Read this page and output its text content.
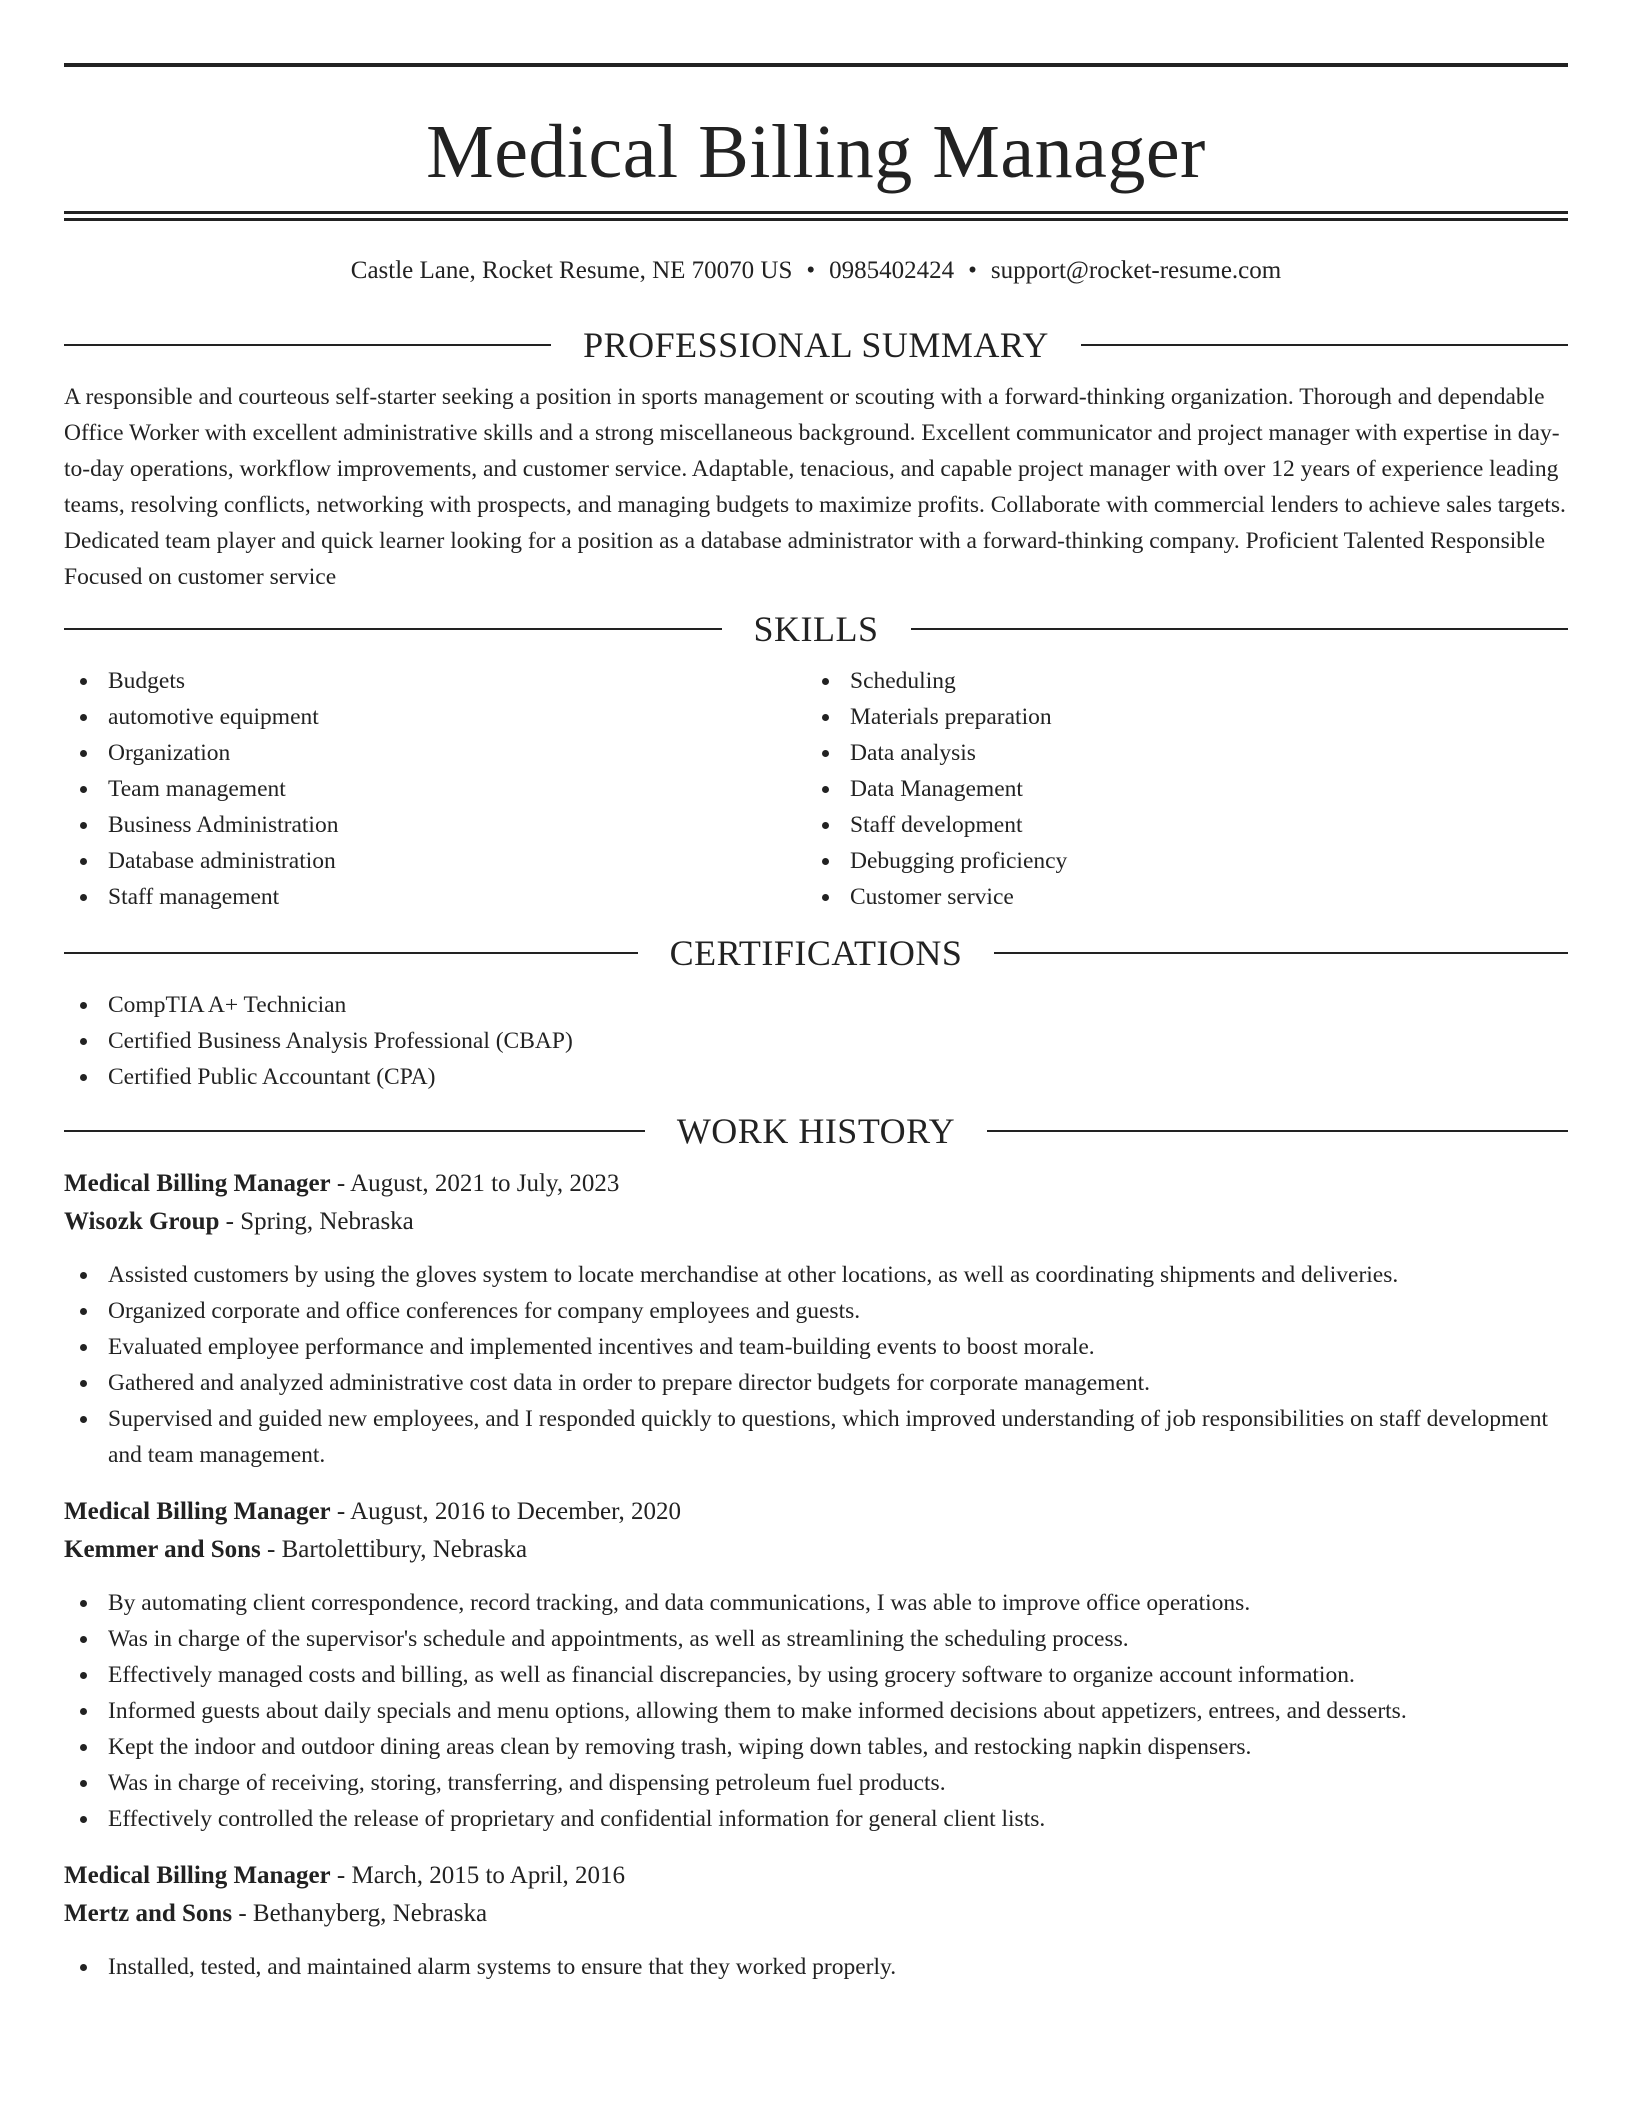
Medical Billing Manager
Castle Lane, Rocket Resume, NE 70070 US • 0985402424 • support@rocket-resume.com
PROFESSIONAL SUMMARY

A responsible and courteous self-starter seeking a position in sports management or scouting with a forward-thinking organization. Thorough and dependable Office Worker with excellent administrative skills and a strong miscellaneous background. Excellent communicator and project manager with expertise in day-to-day operations, workflow improvements, and customer service. Adaptable, tenacious, and capable project manager with over 12 years of experience leading teams, resolving conflicts, networking with prospects, and managing budgets to maximize profits. Collaborate with commercial lenders to achieve sales targets. Dedicated team player and quick learner looking for a position as a database administrator with a forward-thinking company. Proficient Talented Responsible Focused on customer service

SKILLS
Budgets
automotive equipment
Organization
Team management
Business Administration
Database administration
Staff management
Scheduling
Materials preparation
Data analysis
Data Management
Staff development
Debugging proficiency
Customer service
CERTIFICATIONS
CompTIA A+ Technician
Certified Business Analysis Professional (CBAP)
Certified Public Accountant (CPA)
WORK HISTORY
Medical Billing Manager - August, 2021 to July, 2023
Wisozk Group - Spring, Nebraska
Assisted customers by using the gloves system to locate merchandise at other locations, as well as coordinating shipments and deliveries.
Organized corporate and office conferences for company employees and guests.
Evaluated employee performance and implemented incentives and team-building events to boost morale.
Gathered and analyzed administrative cost data in order to prepare director budgets for corporate management.
Supervised and guided new employees, and I responded quickly to questions, which improved understanding of job responsibilities on staff development and team management.
Medical Billing Manager - August, 2016 to December, 2020
Kemmer and Sons - Bartolettibury, Nebraska
By automating client correspondence, record tracking, and data communications, I was able to improve office operations.
Was in charge of the supervisor's schedule and appointments, as well as streamlining the scheduling process.
Effectively managed costs and billing, as well as financial discrepancies, by using grocery software to organize account information.
Informed guests about daily specials and menu options, allowing them to make informed decisions about appetizers, entrees, and desserts.
Kept the indoor and outdoor dining areas clean by removing trash, wiping down tables, and restocking napkin dispensers.
Was in charge of receiving, storing, transferring, and dispensing petroleum fuel products.
Effectively controlled the release of proprietary and confidential information for general client lists.
Medical Billing Manager - March, 2015 to April, 2016
Mertz and Sons - Bethanyberg, Nebraska
Installed, tested, and maintained alarm systems to ensure that they worked properly.
